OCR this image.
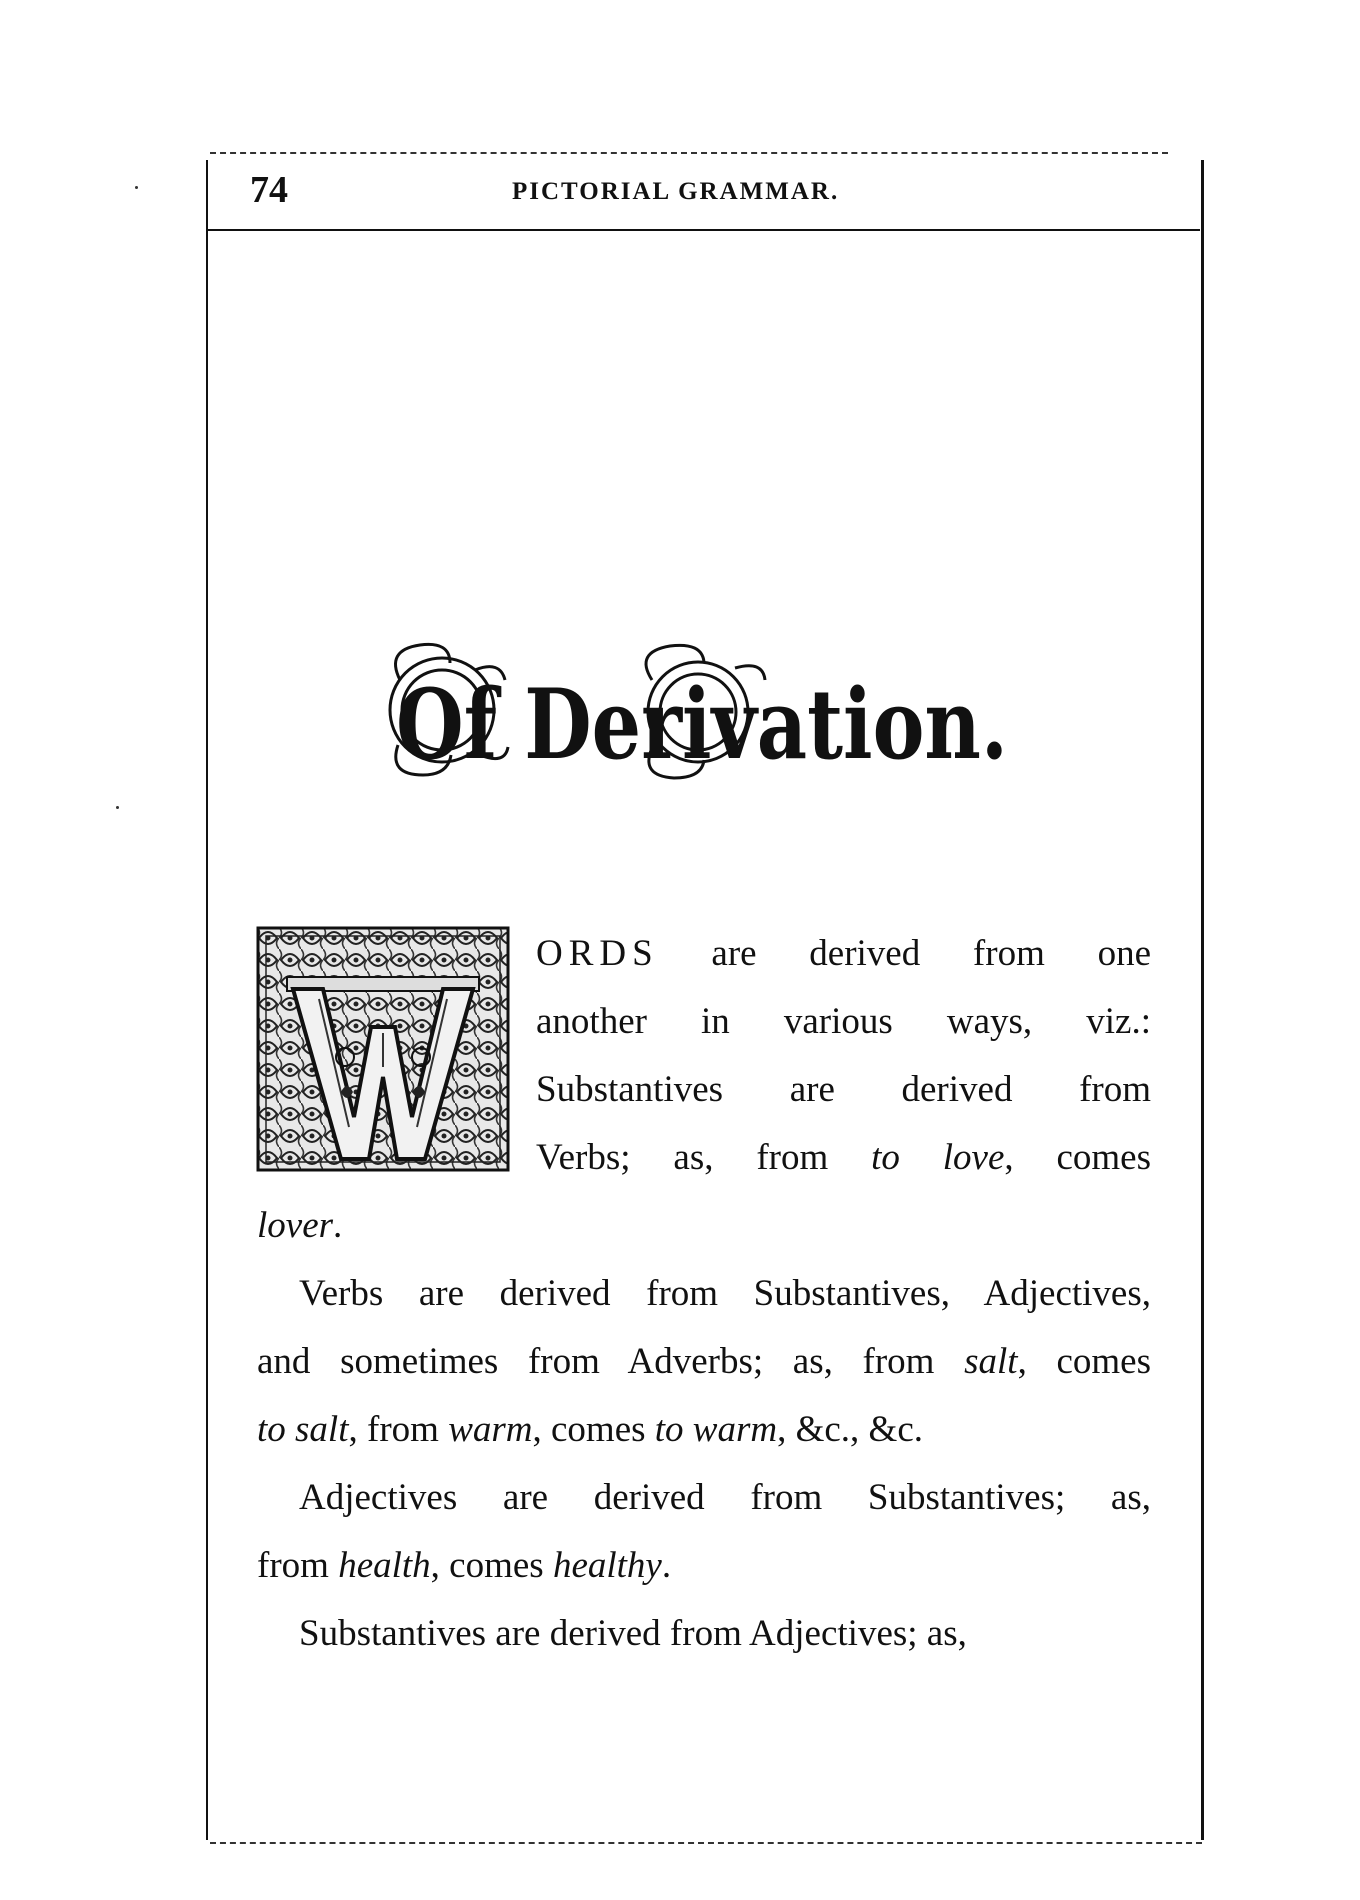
74	PICTORIAL GRAMMAR.
Of Derivation.
ORDS are derived from one
another in various ways, viz.:
Substantives are derived from
Verbs; as, from to love, comes
lover.
Verbs are derived from Substantives, Adjectives,
and sometimes from Adverbs; as, from salt, comes
to salt, from warm, comes to warm, &c., &c.
Adjectives are derived from Substantives; as,
from health, comes healthy.
Substantives are derived from Adjectives; as,
